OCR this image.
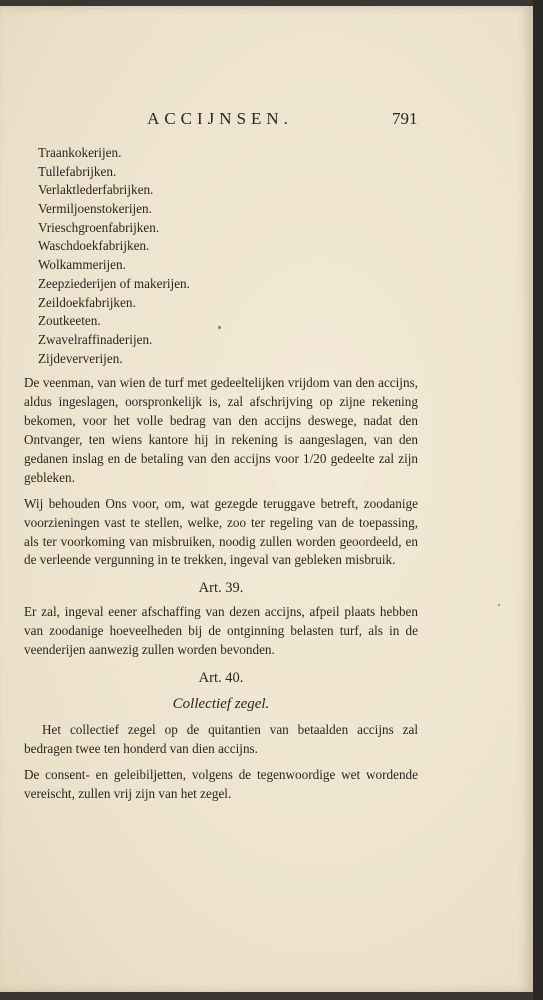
ACCIJNSEN.	791
Traankokerijen.
Tullefabrijken.
Verlaktlederfabrijken.
Vermiljoenstokerijen.
Vrieschgroenfabrijken.
Waschdoekfabrijken.
Wolkammerijen.
Zeepziederijen of makerijen.
Zeildoekfabrijken.
Zoutkeeten.
Zwavelraffinaderijen.
Zijdeververijen.

De veenman, van wien de turf met gedeeltelijken vrijdom van den accijns, aldus ingeslagen, oorspronkelijk is, zal afschrijving op zijne rekening bekomen, voor het volle bedrag van den accijns deswege, nadat den Ontvanger, ten wiens kantore hij in rekening is aangeslagen, van den gedanen inslag en de betaling van den accijns voor 1/20 gedeelte zal zijn gebleken.

Wij behouden Ons voor, om, wat gezegde teruggave betreft, zoodanige voorzieningen vast te stellen, welke, zoo ter regeling van de toepassing, als ter voorkoming van misbruiken, noodig zullen worden geoordeeld, en de verleende vergunning in te trekken, ingeval van gebleken misbruik.

Art. 39.

Er zal, ingeval eener afschaffing van dezen accijns, afpeil plaats hebben van zoodanige hoeveelheden bij de ontginning belasten turf, als in de veenderijen aanwezig zullen worden bevonden.

Art. 40.
Collectief zegel.

Het collectief zegel op de quitantien van betaalden accijns zal bedragen twee ten honderd van dien accijns.

De consent- en geleibiljetten, volgens de tegenwoordige wet wordende vereischt, zullen vrij zijn van het zegel.
